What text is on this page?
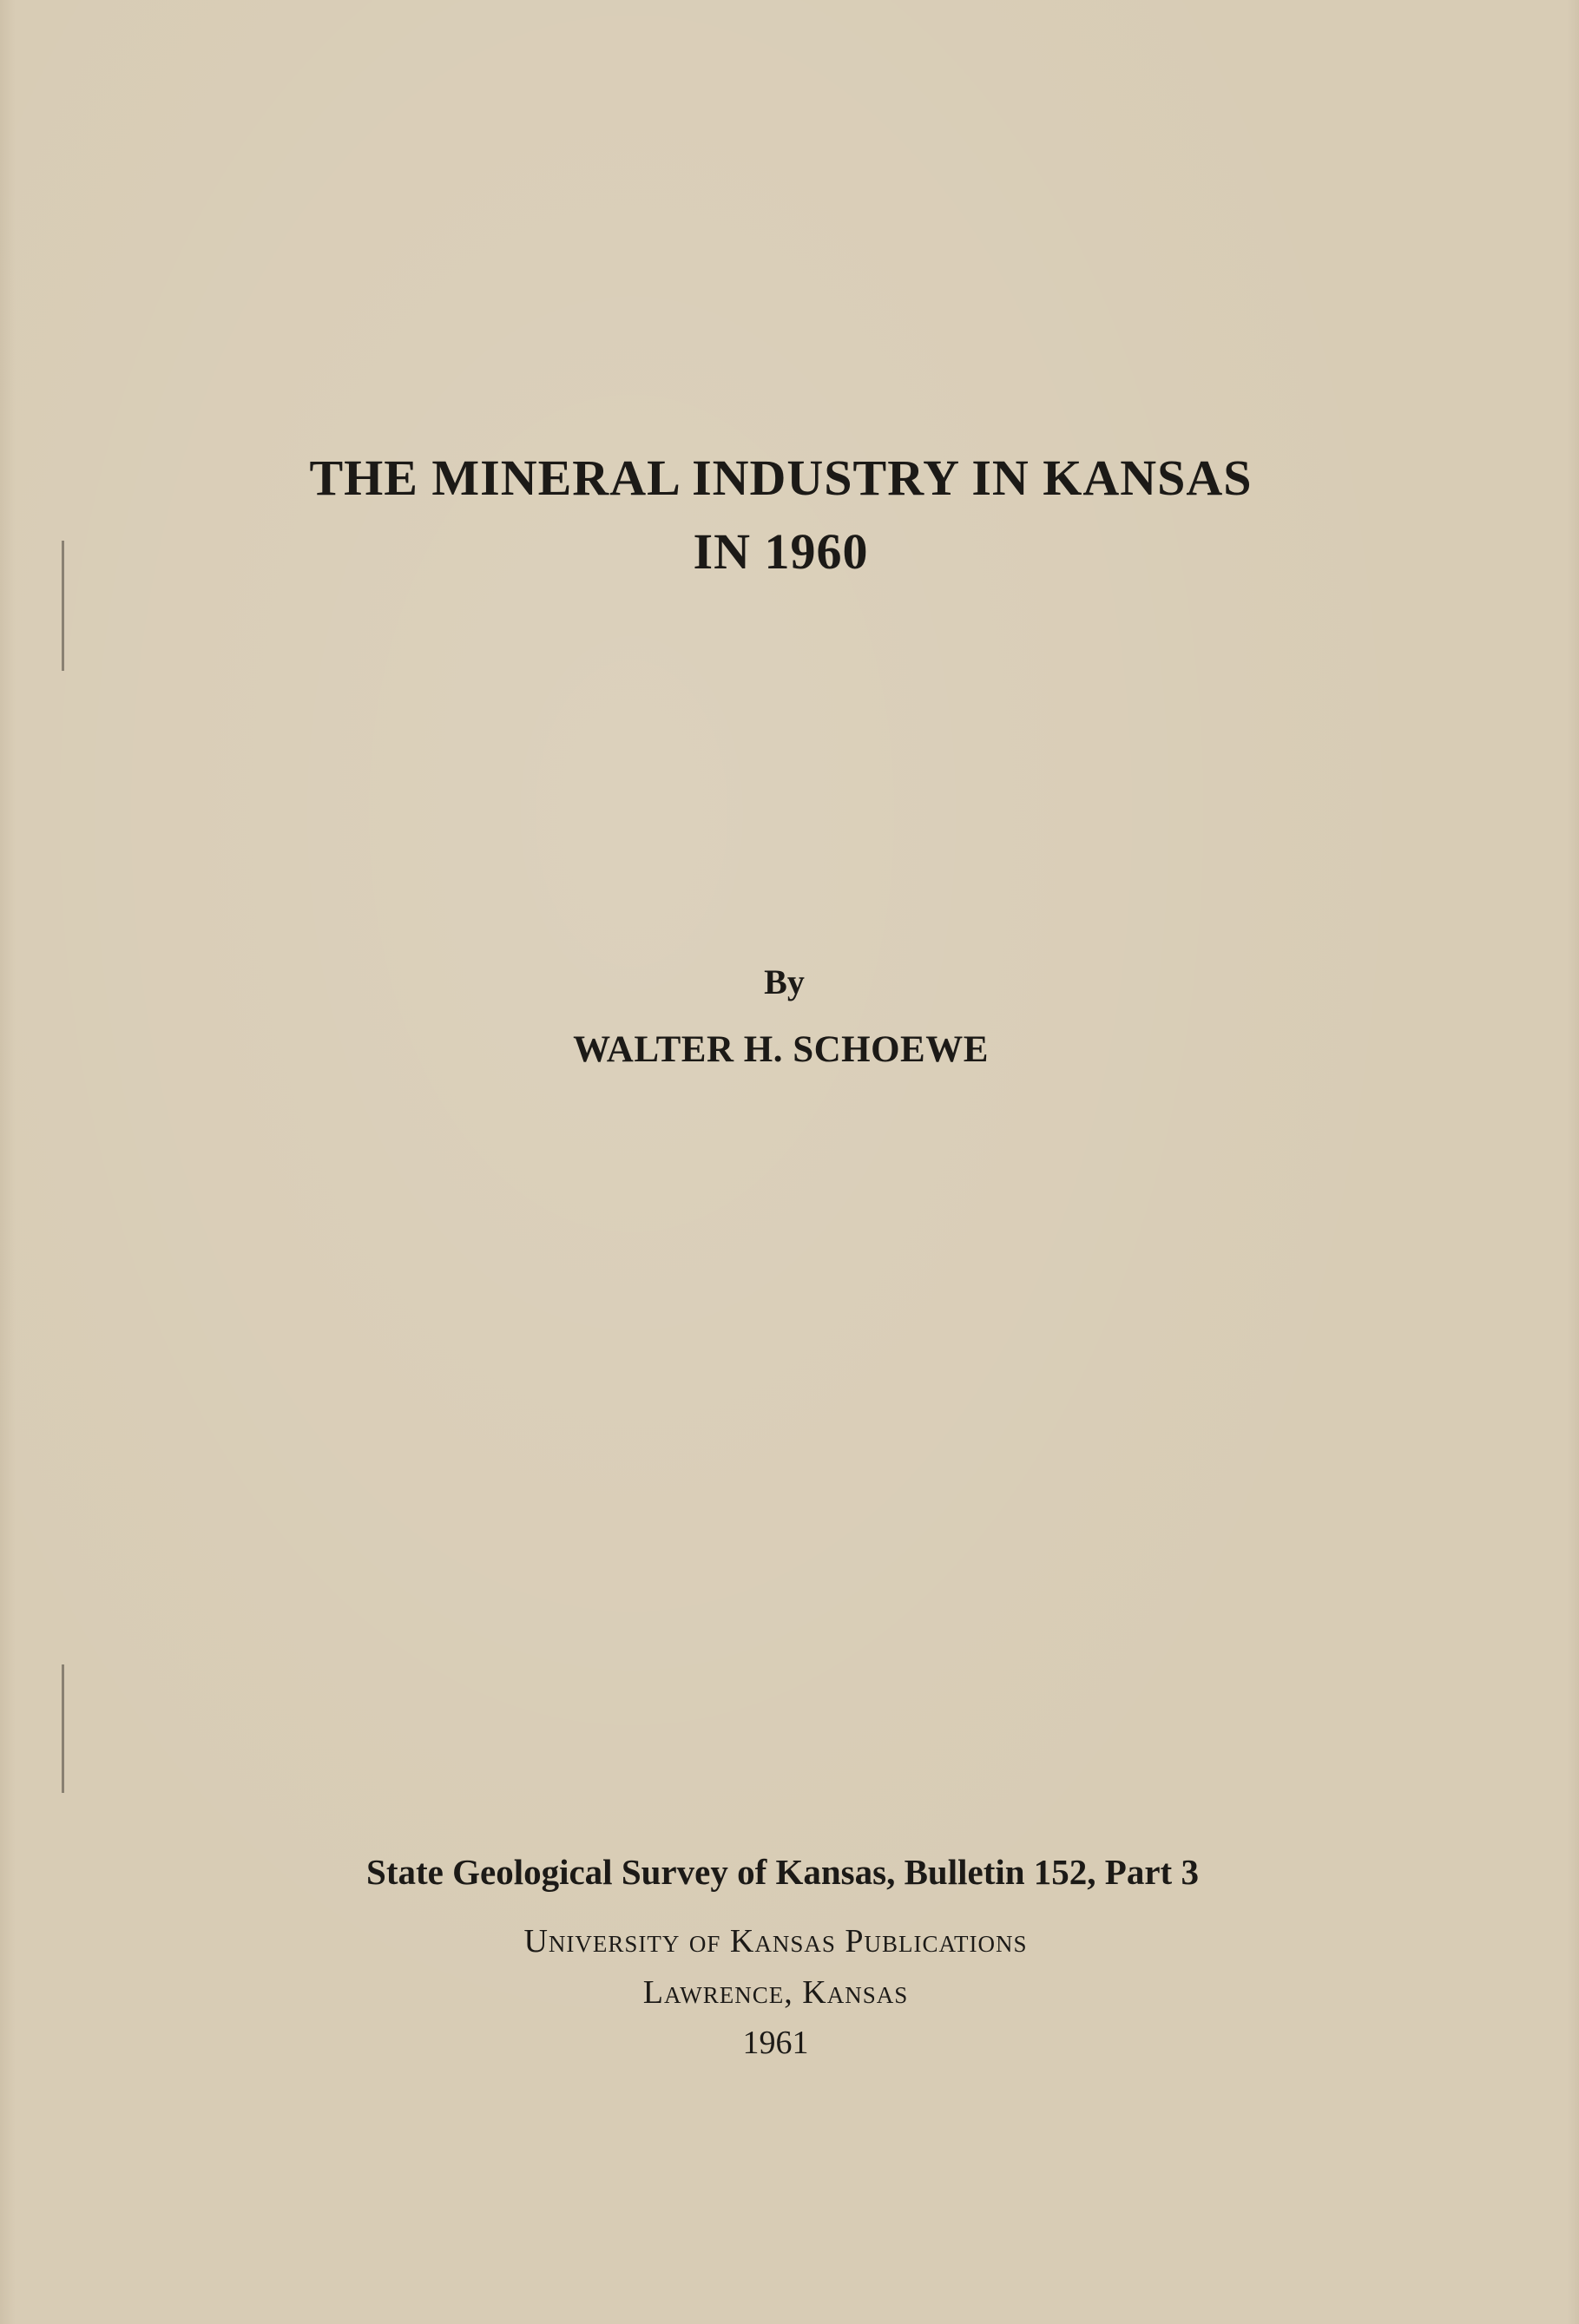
THE MINERAL INDUSTRY IN KANSAS
IN 1960
By
WALTER H. SCHOEWE
State Geological Survey of Kansas, Bulletin 152, Part 3
University of Kansas Publications
Lawrence, Kansas
1961
